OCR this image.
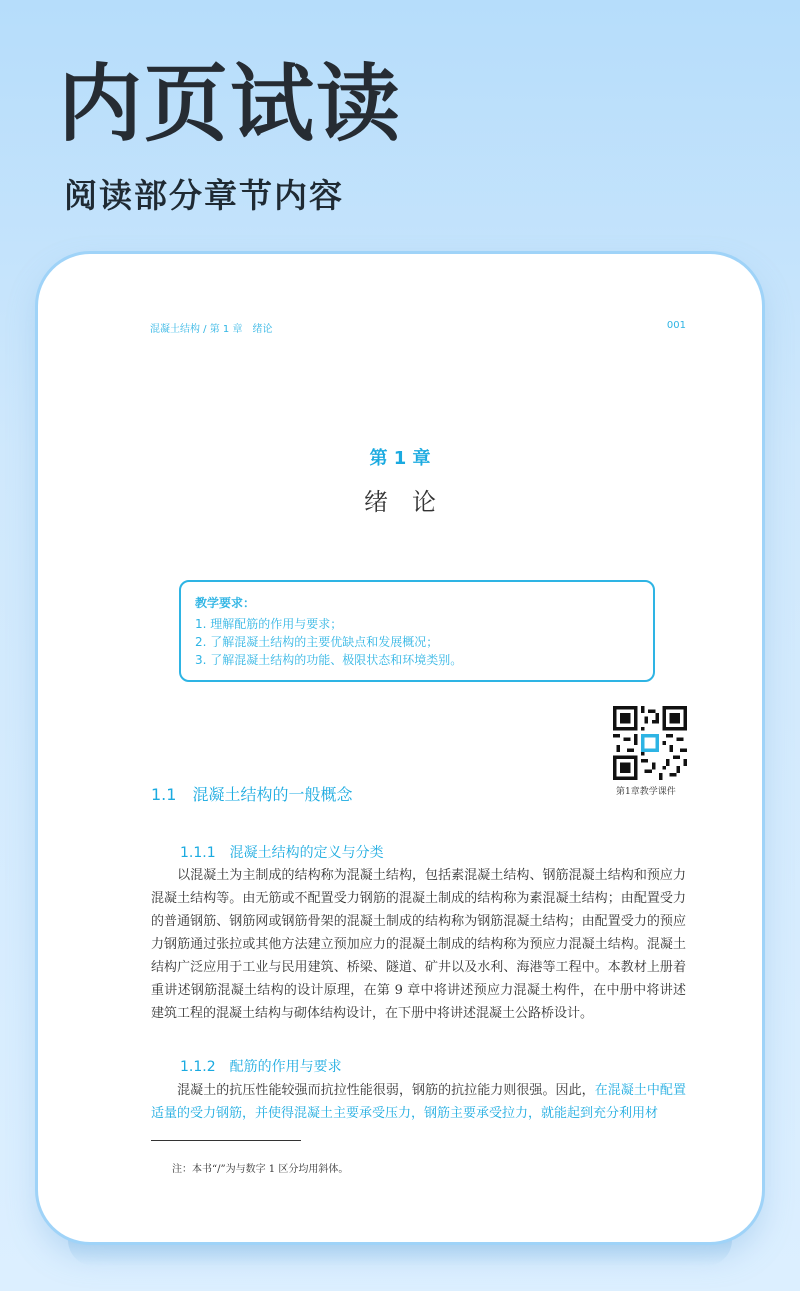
内页试读
阅读部分章节内容
混凝土结构 / 第 1 章　绪论	001
第 1 章
绪　论
教学要求：
1. 理解配筋的作用与要求；
2. 了解混凝土结构的主要优缺点和发展概况；
3. 了解混凝土结构的功能、极限状态和环境类别。
第1章教学课件
1.1　混凝土结构的一般概念
1.1.1　混凝土结构的定义与分类

　　以混凝土为主制成的结构称为混凝土结构，包括素混凝土结构、钢筋混凝土结构和预应力混凝土结构等。由无筋或不配置受力钢筋的混凝土制成的结构称为素混凝土结构；由配置受力的普通钢筋、钢筋网或钢筋骨架的混凝土制成的结构称为钢筋混凝土结构；由配置受力的预应力钢筋通过张拉或其他方法建立预加应力的混凝土制成的结构称为预应力混凝土结构。混凝土结构广泛应用于工业与民用建筑、桥梁、隧道、矿井以及水利、海港等工程中。本教材上册着重讲述钢筋混凝土结构的设计原理，在第 9 章中将讲述预应力混凝土构件，在中册中将讲述建筑工程的混凝土结构与砌体结构设计，在下册中将讲述混凝土公路桥设计。

1.1.2　配筋的作用与要求

　　混凝土的抗压性能较强而抗拉性能很弱，钢筋的抗拉能力则很强。因此，在混凝土中配置适量的受力钢筋，并使得混凝土主要承受压力，钢筋主要承受拉力，就能起到充分利用材

注：本书“/”为与数字 1 区分均用斜体。
